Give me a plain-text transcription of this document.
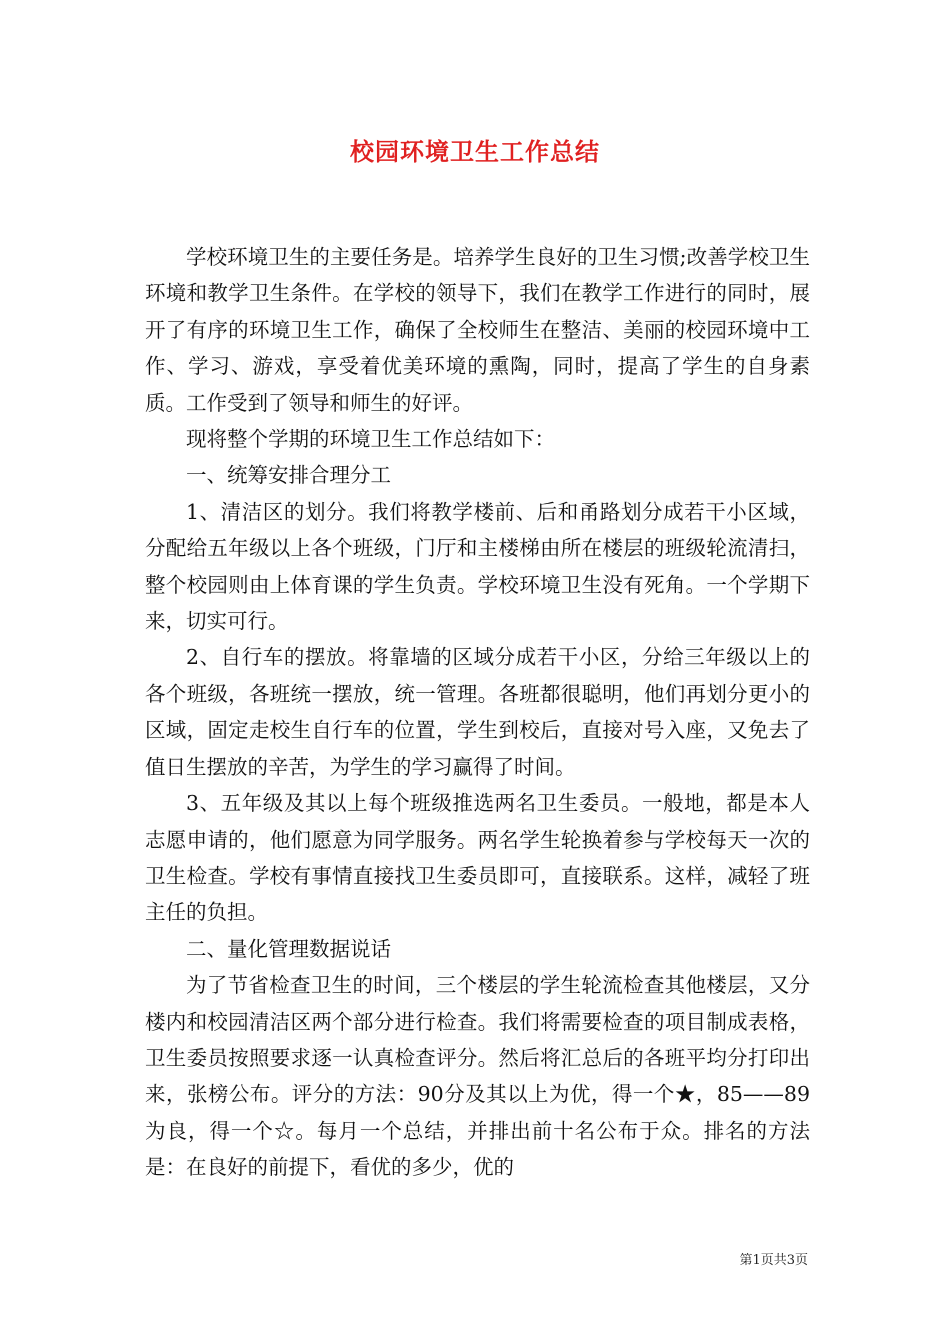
校园环境卫生工作总结

学校环境卫生的主要任务是。培养学生良好的卫生习惯;改善学校卫生环境和教学卫生条件。在学校的领导下，我们在教学工作进行的同时，展开了有序的环境卫生工作，确保了全校师生在整洁、美丽的校园环境中工作、学习、游戏，享受着优美环境的熏陶，同时，提高了学生的自身素质。工作受到了领导和师生的好评。

现将整个学期的环境卫生工作总结如下：

一、统筹安排合理分工

1、清洁区的划分。我们将教学楼前、后和甬路划分成若干小区域，分配给五年级以上各个班级，门厅和主楼梯由所在楼层的班级轮流清扫，整个校园则由上体育课的学生负责。学校环境卫生没有死角。一个学期下来，切实可行。

2、自行车的摆放。将靠墙的区域分成若干小区，分给三年级以上的各个班级，各班统一摆放，统一管理。各班都很聪明，他们再划分更小的区域，固定走校生自行车的位置，学生到校后，直接对号入座，又免去了值日生摆放的辛苦，为学生的学习赢得了时间。

3、五年级及其以上每个班级推选两名卫生委员。一般地，都是本人志愿申请的，他们愿意为同学服务。两名学生轮换着参与学校每天一次的卫生检查。学校有事情直接找卫生委员即可，直接联系。这样，减轻了班主任的负担。

二、量化管理数据说话

为了节省检查卫生的时间，三个楼层的学生轮流检查其他楼层，又分楼内和校园清洁区两个部分进行检查。我们将需要检查的项目制成表格，卫生委员按照要求逐一认真检查评分。然后将汇总后的各班平均分打印出来，张榜公布。评分的方法：90分及其以上为优，得一个★，85——89为良，得一个☆。每月一个总结，并排出前十名公布于众。排名的方法是：在良好的前提下，看优的多少，优的

第1页共3页
